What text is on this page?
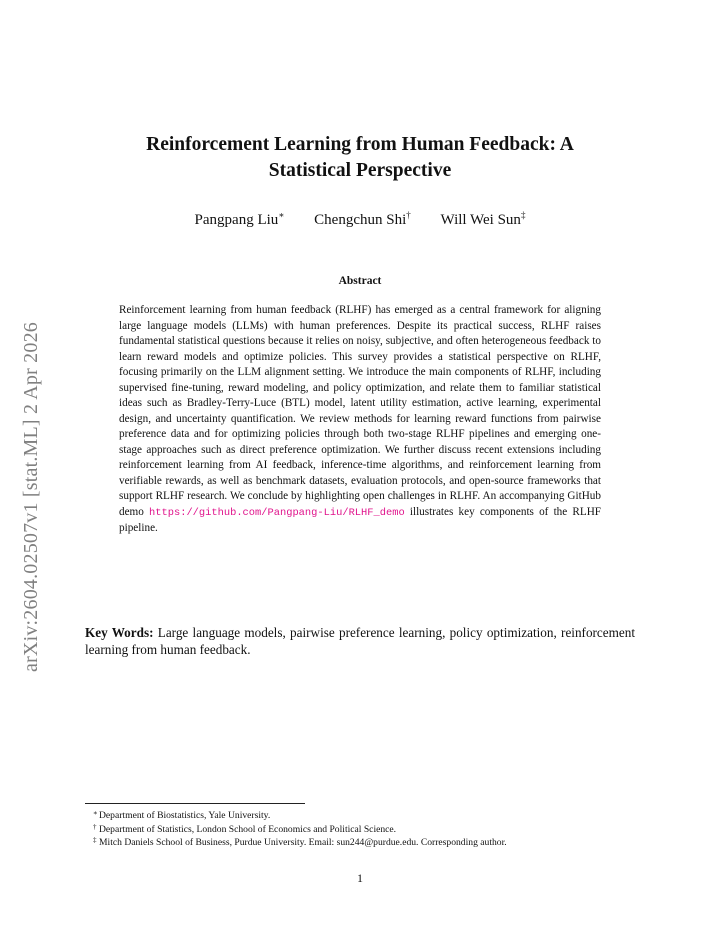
arXiv:2604.02507v1 [stat.ML] 2 Apr 2026
Reinforcement Learning from Human Feedback: A
Statistical Perspective
Pangpang Liu∗ Chengchun Shi† Will Wei Sun‡
Abstract
Reinforcement learning from human feedback (RLHF) has emerged as a central framework for aligning large language models (LLMs) with human preferences. Despite its practical success, RLHF raises fundamental statistical questions because it relies on noisy, subjective, and often heterogeneous feedback to learn reward models and optimize policies. This survey provides a statistical perspective on RLHF, focusing primarily on the LLM alignment setting. We introduce the main components of RLHF, including supervised fine-tuning, reward modeling, and policy optimization, and relate them to familiar statistical ideas such as Bradley-Terry-Luce (BTL) model, latent utility estimation, active learning, experimental design, and uncertainty quantification. We review methods for learning reward functions from pairwise preference data and for optimizing policies through both two-stage RLHF pipelines and emerging one-stage approaches such as direct preference optimization. We further discuss recent extensions including reinforcement learning from AI feedback, inference-time algorithms, and reinforcement learning from verifiable rewards, as well as benchmark datasets, evaluation protocols, and open-source frameworks that support RLHF research. We conclude by highlighting open challenges in RLHF. An accompanying GitHub demo https://github.com/Pangpang-Liu/RLHF_demo illustrates key components of the RLHF pipeline.
Key Words: Large language models, pairwise preference learning, policy optimization, reinforcement learning from human feedback.
∗ Department of Biostatistics, Yale University.
† Department of Statistics, London School of Economics and Political Science.
‡ Mitch Daniels School of Business, Purdue University. Email: sun244@purdue.edu. Corresponding author.
1
